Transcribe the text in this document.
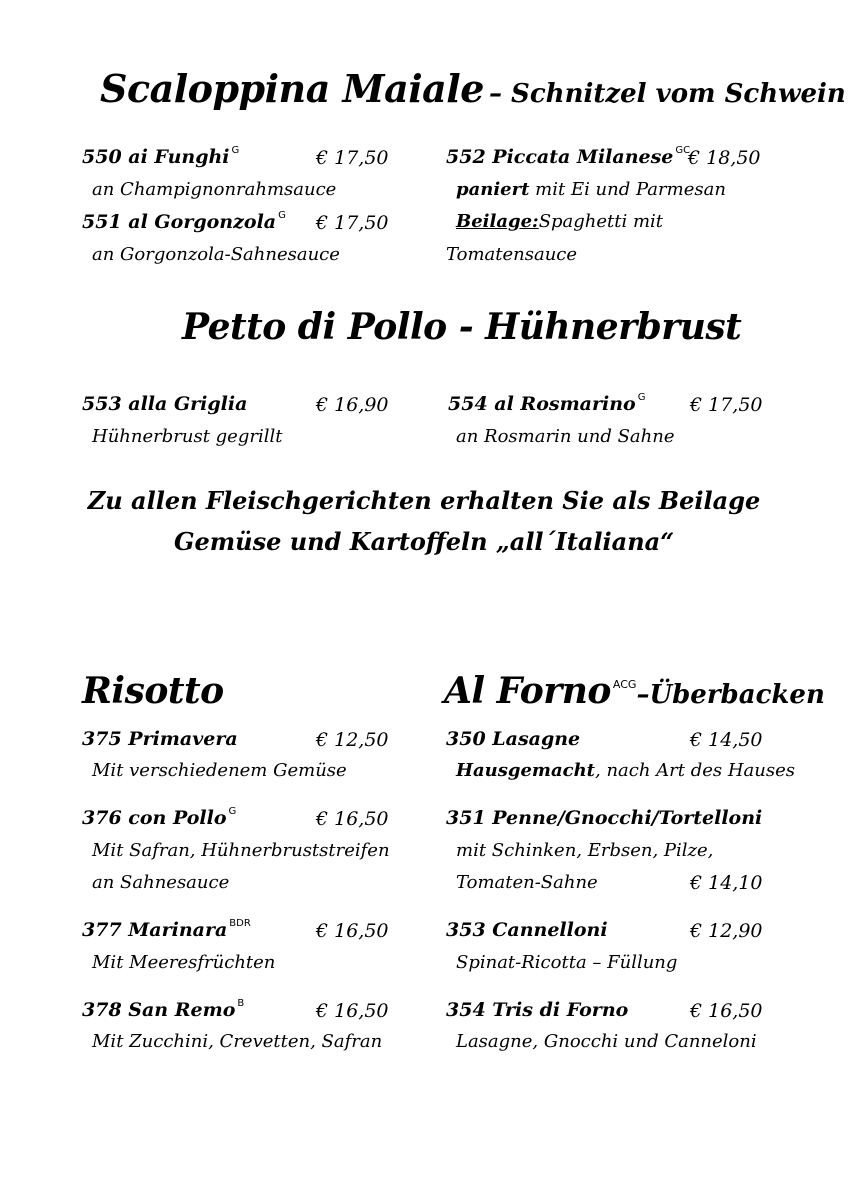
Scaloppina Maiale – Schnitzel vom Schwein
550 ai Funghi $^G$	€ 17,50
an Champignonrahmsauce
551 al Gorgonzola $^G$ € 17,50
an Gorgonzola-Sahnesauce
552 Piccata Milanese $^{GC}$
€ 18,50
paniert mit Ei und Parmesan
Beilage:Spaghetti mit
Tomatensauce
Petto di Pollo - Hühnerbrust
553 alla Griglia	€ 16,90
Hühnerbrust gegrillt
554 al Rosmarino $^G$ € 17,50
an Rosmarin und Sahne
Zu allen Fleischgerichten erhalten Sie als Beilage
Gemüse und Kartoffeln „all´Italiana“
Risotto	Al Forno $^{ACG}$–Überbacken
375 Primavera	€ 12,50
Mit verschiedenem Gemüse
376 con Pollo $^G$	€ 16,50
Mit Safran, Hühnerbruststreifen
an Sahnesauce
377 Marinara $^{BDR}$	€ 16,50
Mit Meeresfrüchten
378 San Remo $^B$	€ 16,50
Mit Zucchini, Crevetten, Safran
350 Lasagne	€ 14,50
Hausgemacht, nach Art des Hauses
351 Penne/Gnocchi/Tortelloni
mit Schinken, Erbsen, Pilze,
Tomaten-Sahne	€ 14,10
353 Cannelloni	€ 12,90
Spinat-Ricotta – Füllung
354 Tris di Forno	€ 16,50
Lasagne, Gnocchi und Canneloni
